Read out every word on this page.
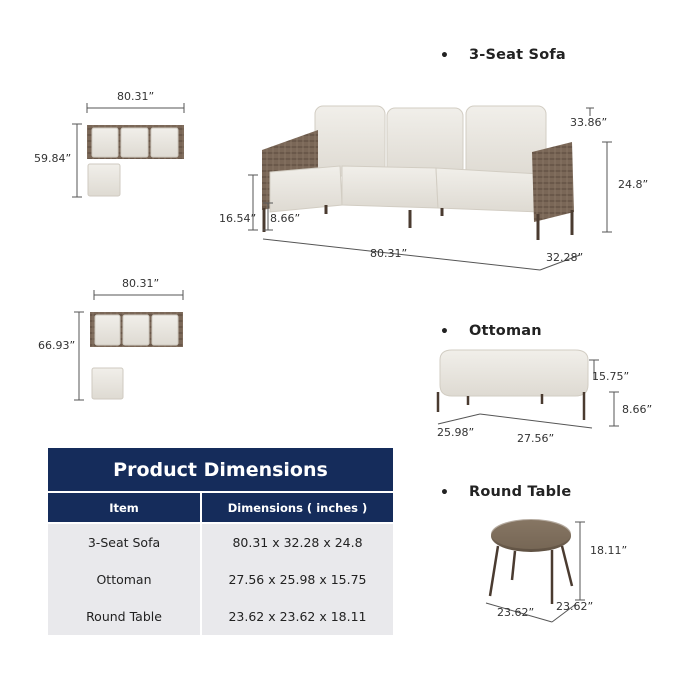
• 3-Seat Sofa
• Ottoman
• Round Table
80.31”
59.84”
80.31”
66.93”
33.86”
24.8”
16.54” 8.66”
80.31”	32.28”
15.75”
8.66”
25.98”	27.56”
18.11”
23.62” 23.62”
Product Dimensions
Item	Dimensions ( inches )
3-Seat Sofa	80.31 x 32.28 x 24.8
Ottoman	27.56 x 25.98 x 15.75
Round Table	23.62 x 23.62 x 18.11
